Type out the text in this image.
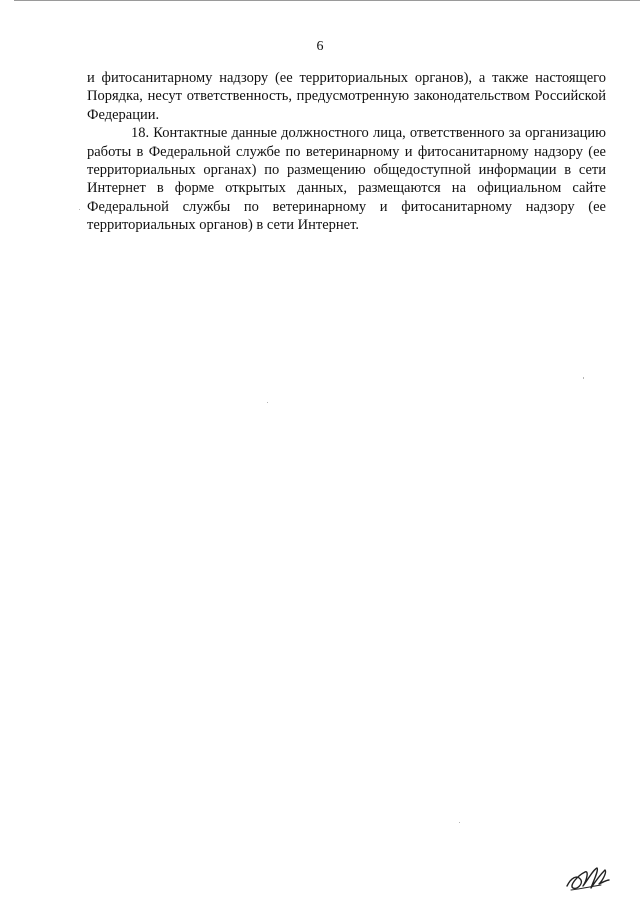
6

и фитосанитарному надзору (ее территориальных органов), а также настоящего Порядка, несут ответственность, предусмотренную законодательством Российской Федерации.

18. Контактные данные должностного лица, ответственного за организацию работы в Федеральной службе по ветеринарному и фитосанитарному надзору (ее территориальных органах) по размещению общедоступной информации в сети Интернет в форме открытых данных, размещаются на официальном сайте Федеральной службы по ветеринарному и фитосанитарному надзору (ее территориальных органов) в сети Интернет.
